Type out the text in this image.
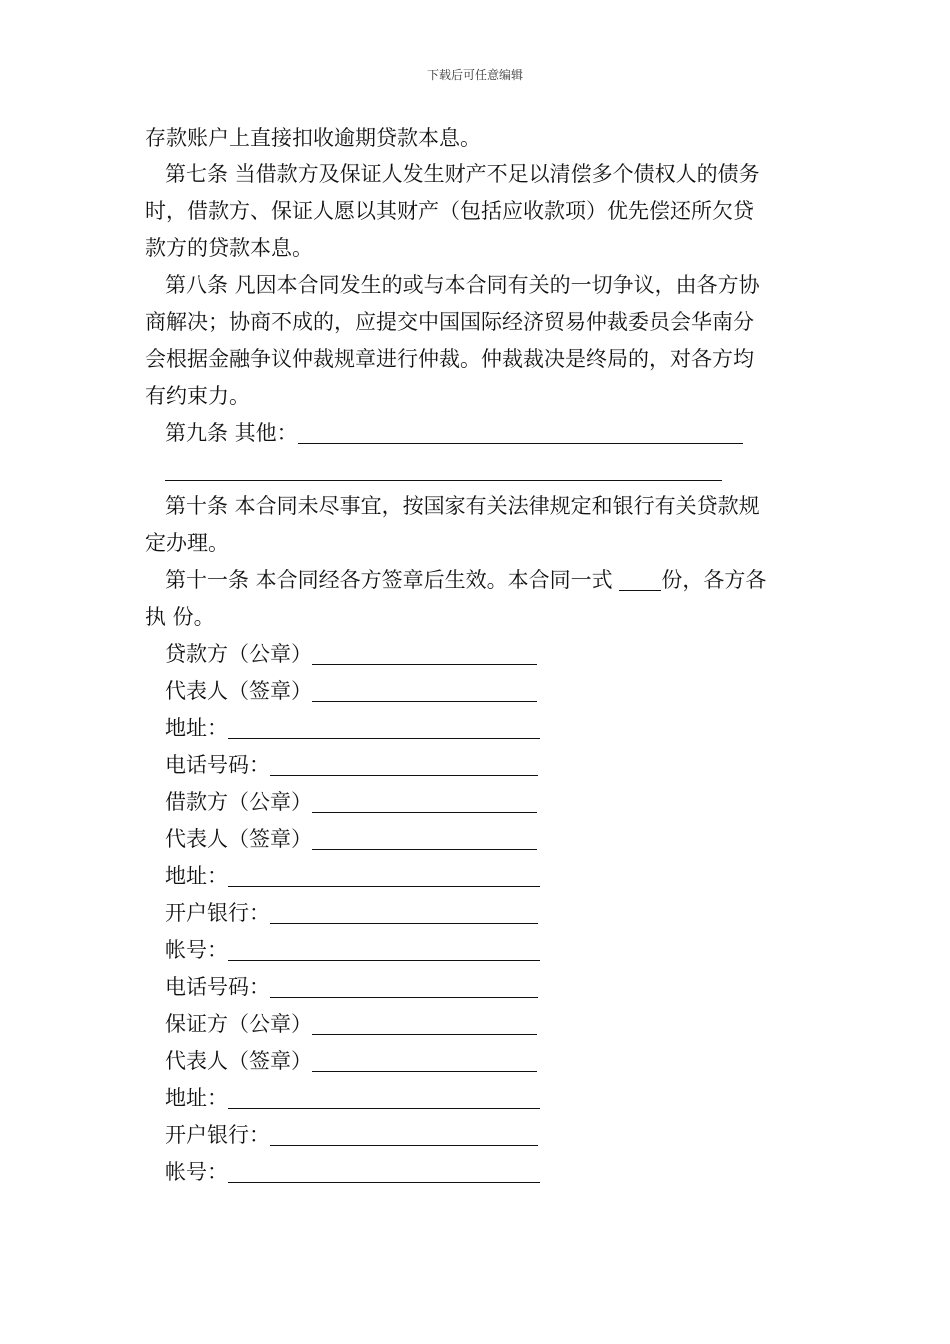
下载后可任意编辑
存款账户上直接扣收逾期贷款本息。
第七条 当借款方及保证人发生财产不足以清偿多个债权人的债务
时，借款方、保证人愿以其财产（包括应收款项）优先偿还所欠贷
款方的贷款本息。
第八条 凡因本合同发生的或与本合同有关的一切争议，由各方协
商解决；协商不成的，应提交中国国际经济贸易仲裁委员会华南分
会根据金融争议仲裁规章进行仲裁。仲裁裁决是终局的，对各方均
有约束力。
第九条 其他：
第十条 本合同未尽事宜，按国家有关法律规定和银行有关贷款规
定办理。
第十一条 本合同经各方签章后生效。本合同一式 份，各方各
执 份。
贷款方（公章）
代表人（签章）
地址：
电话号码：
借款方（公章）
代表人（签章）
地址：
开户银行：
帐号：
电话号码：
保证方（公章）
代表人（签章）
地址：
开户银行：
帐号：
